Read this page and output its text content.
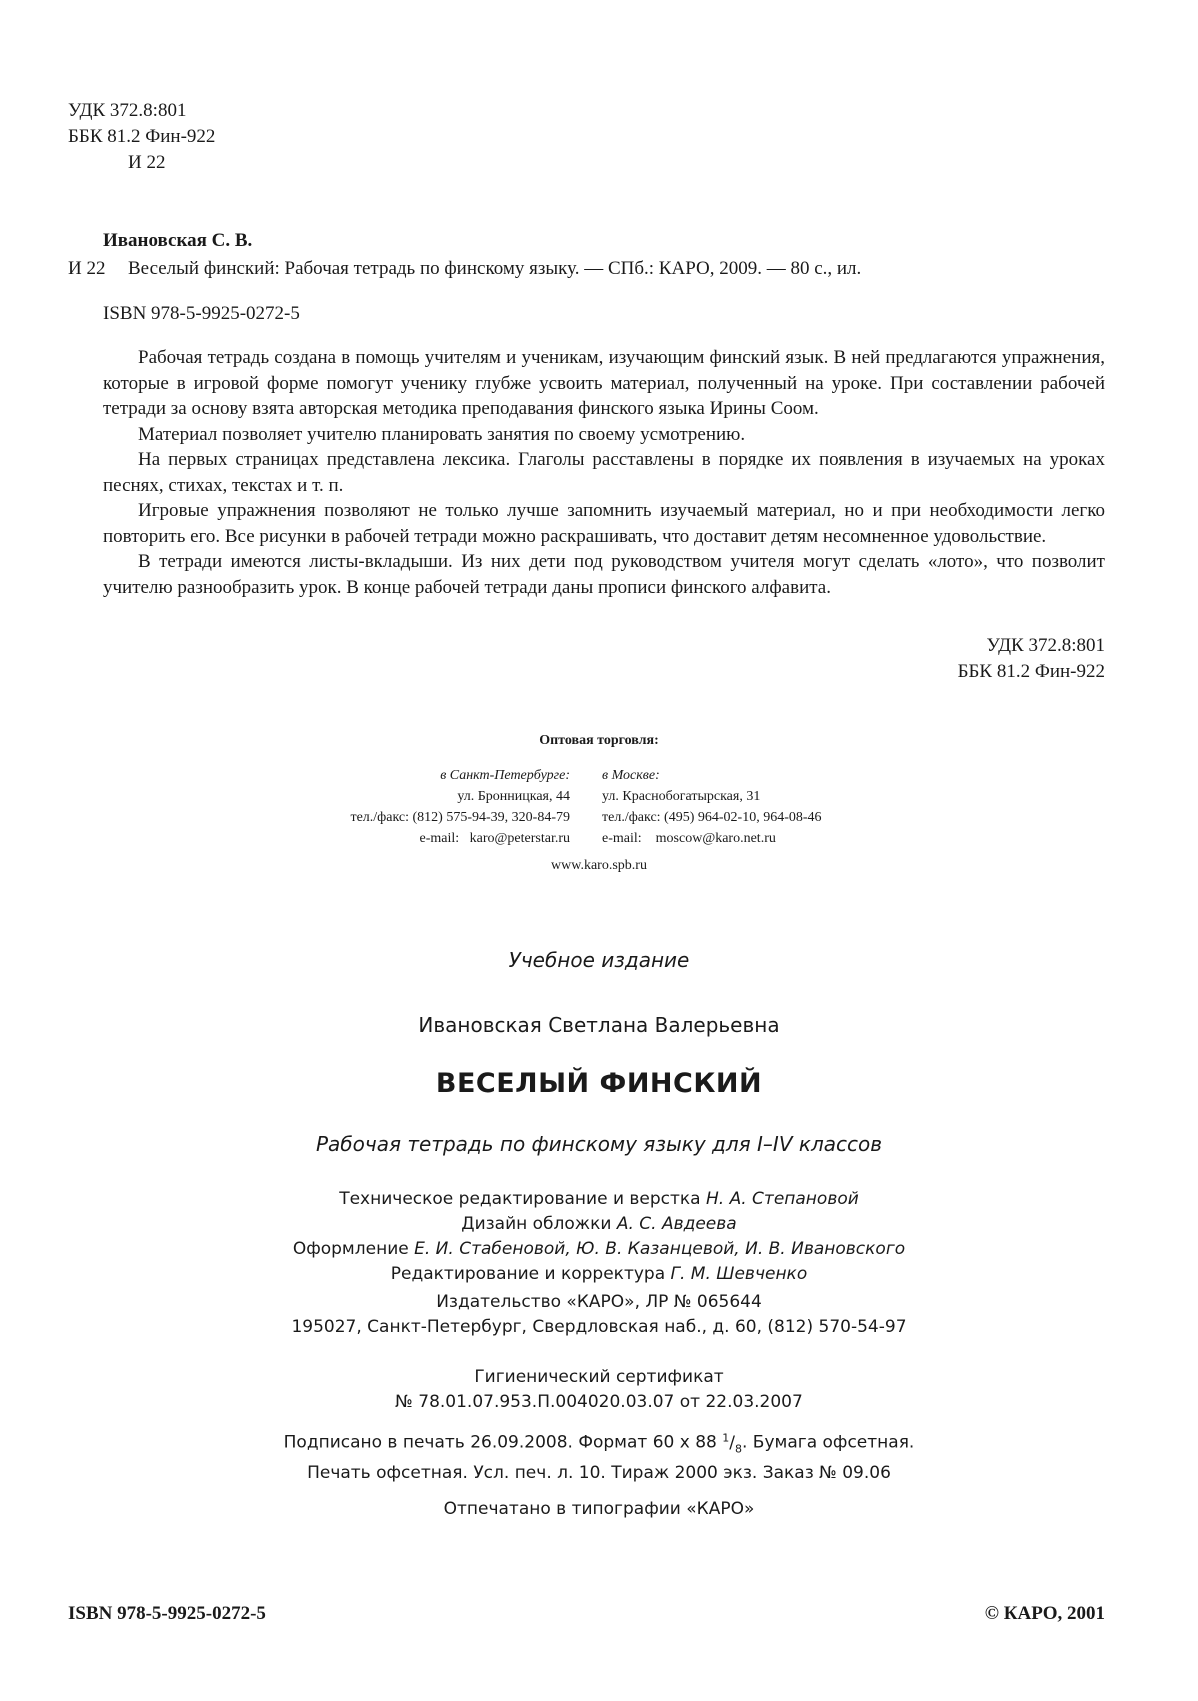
УДК 372.8:801
ББК 81.2 Фин-922
И 22
Ивановская С. В.
И 22 Веселый финский: Рабочая тетрадь по финскому языку. — СПб.: КАРО, 2009. — 80 с., ил.
ISBN 978-5-9925-0272-5

Рабочая тетрадь создана в помощь учителям и ученикам, изучающим финский язык. В ней предлагаются упражнения, которые в игровой форме помогут ученику глубже усвоить материал, полученный на уроке. При составлении рабочей тетради за основу взята авторская методика преподавания финского языка Ирины Соом.

Материал позволяет учителю планировать занятия по своему усмотрению.

На первых страницах представлена лексика. Глаголы расставлены в порядке их появления в изучаемых на уроках песнях, стихах, текстах и т. п.

Игровые упражнения позволяют не только лучше запомнить изучаемый материал, но и при необходимости легко повторить его. Все рисунки в рабочей тетради можно раскрашивать, что доставит детям несомненное удовольствие.

В тетради имеются листы-вкладыши. Из них дети под руководством учителя могут сделать «лото», что позволит учителю разнообразить урок. В конце рабочей тетради даны прописи финского алфавита.

УДК 372.8:801
ББК 81.2 Фин-922
Оптовая торговля:
в Санкт-Петербурге:
ул. Бронницкая, 44
тел./факс: (812) 575-94-39, 320-84-79
e-mail: karo@peterstar.ru
в Москве:
ул. Краснобогатырская, 31
тел./факс: (495) 964-02-10, 964-08-46
e-mail: moscow@karo.net.ru
www.karo.spb.ru
Учебное издание
Ивановская Светлана Валерьевна
ВЕСЕЛЫЙ ФИНСКИЙ
Рабочая тетрадь по финскому языку для I–IV классов
Техническое редактирование и верстка Н. А. Степановой
Дизайн обложки А. С. Авдеева
Оформление Е. И. Стабеновой, Ю. В. Казанцевой, И. В. Ивановского
Редактирование и корректура Г. М. Шевченко
Издательство «КАРО», ЛР № 065644
195027, Санкт-Петербург, Свердловская наб., д. 60, (812) 570-54-97
Гигиенический сертификат
№ 78.01.07.953.П.004020.03.07 от 22.03.2007
Подписано в печать 26.09.2008. Формат 60 х 88 $^1/_8$. Бумага офсетная.
Печать офсетная. Усл. печ. л. 10. Тираж 2000 экз. Заказ № 09.06
Отпечатано в типографии «КАРО»
ISBN 978-5-9925-0272-5	© КАРО, 2001
